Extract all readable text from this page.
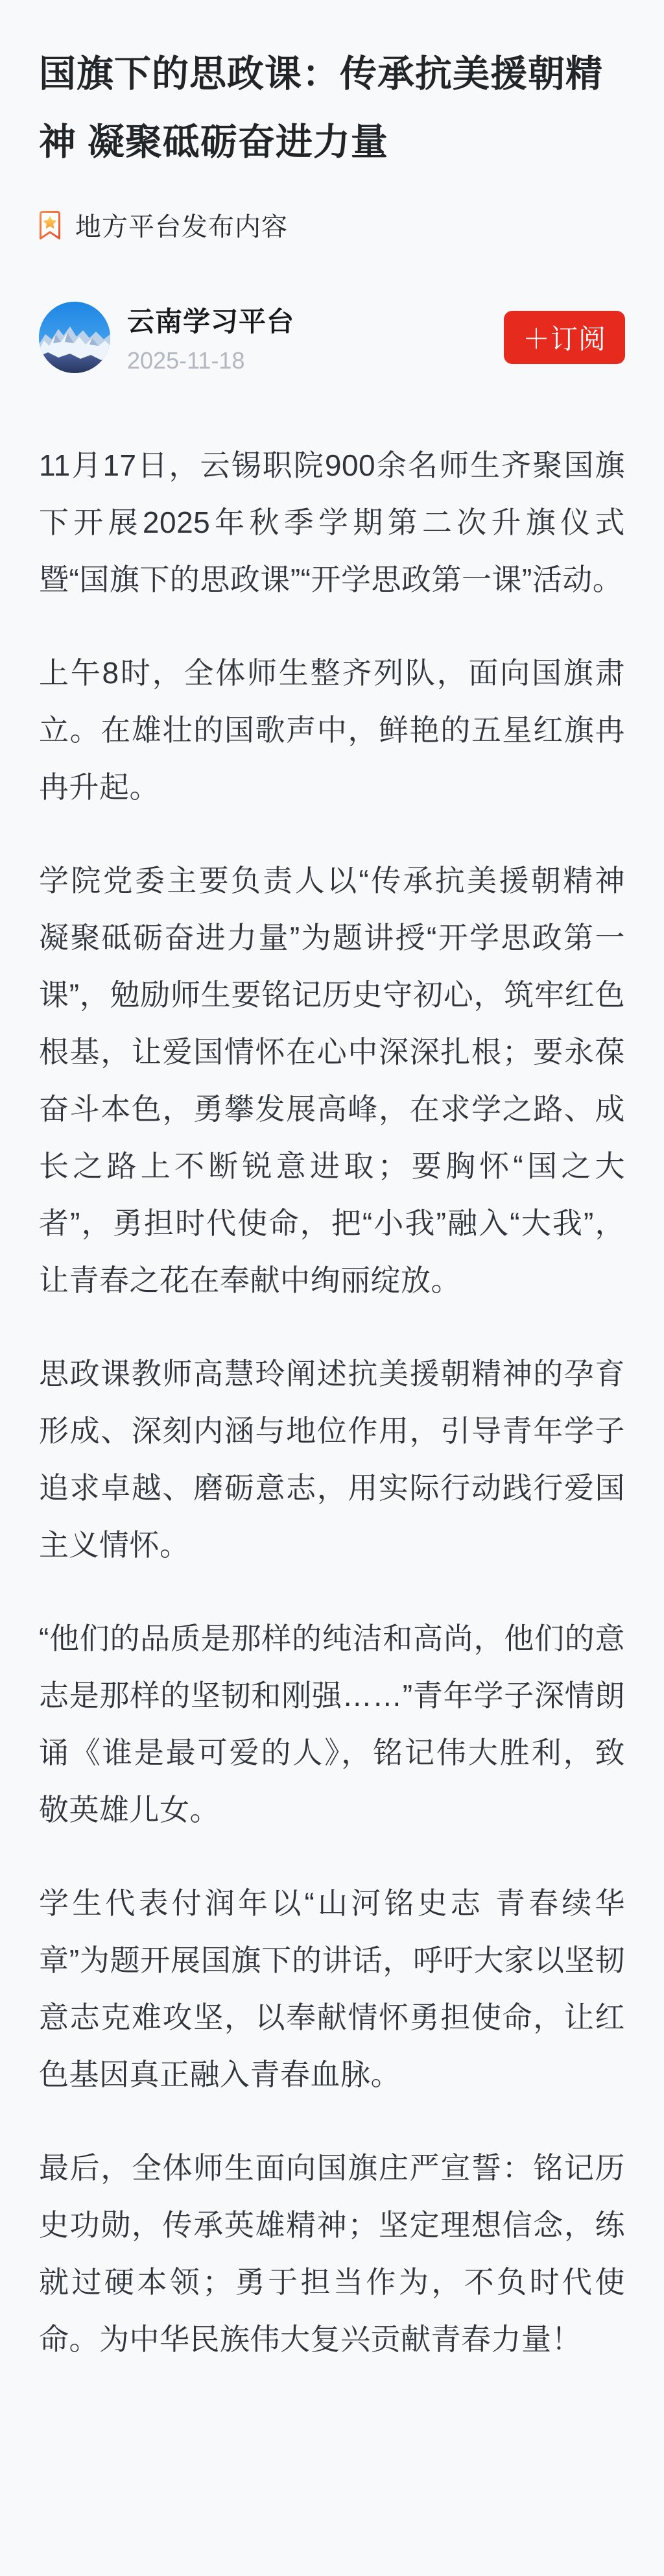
国旗下的思政课：传承抗美援朝精神 凝聚砥砺奋进力量
地方平台发布内容
云南学习平台
2025-11-18
＋订阅

11月17日，云锡职院900余名师生齐聚国旗下开展2025年秋季学期第二次升旗仪式暨“国旗下的思政课”“开学思政第一课”活动。

上午8时，全体师生整齐列队，面向国旗肃立。在雄壮的国歌声中，鲜艳的五星红旗冉冉升起。

学院党委主要负责人以“传承抗美援朝精神 凝聚砥砺奋进力量”为题讲授“开学思政第一课”，勉励师生要铭记历史守初心，筑牢红色根基，让爱国情怀在心中深深扎根；要永葆奋斗本色，勇攀发展高峰，在求学之路、成长之路上不断锐意进取；要胸怀“国之大者”，勇担时代使命，把“小我”融入“大我”，让青春之花在奉献中绚丽绽放。

思政课教师高慧玲阐述抗美援朝精神的孕育形成、深刻内涵与地位作用，引导青年学子追求卓越、磨砺意志，用实际行动践行爱国主义情怀。

“他们的品质是那样的纯洁和高尚，他们的意志是那样的坚韧和刚强……”青年学子深情朗诵《谁是最可爱的人》，铭记伟大胜利，致敬英雄儿女。

学生代表付润年以“山河铭史志 青春续华章”为题开展国旗下的讲话，呼吁大家以坚韧意志克难攻坚，以奉献情怀勇担使命，让红色基因真正融入青春血脉。

最后，全体师生面向国旗庄严宣誓：铭记历史功勋，传承英雄精神；坚定理想信念，练就过硬本领；勇于担当作为，不负时代使命。为中华民族伟大复兴贡献青春力量！
